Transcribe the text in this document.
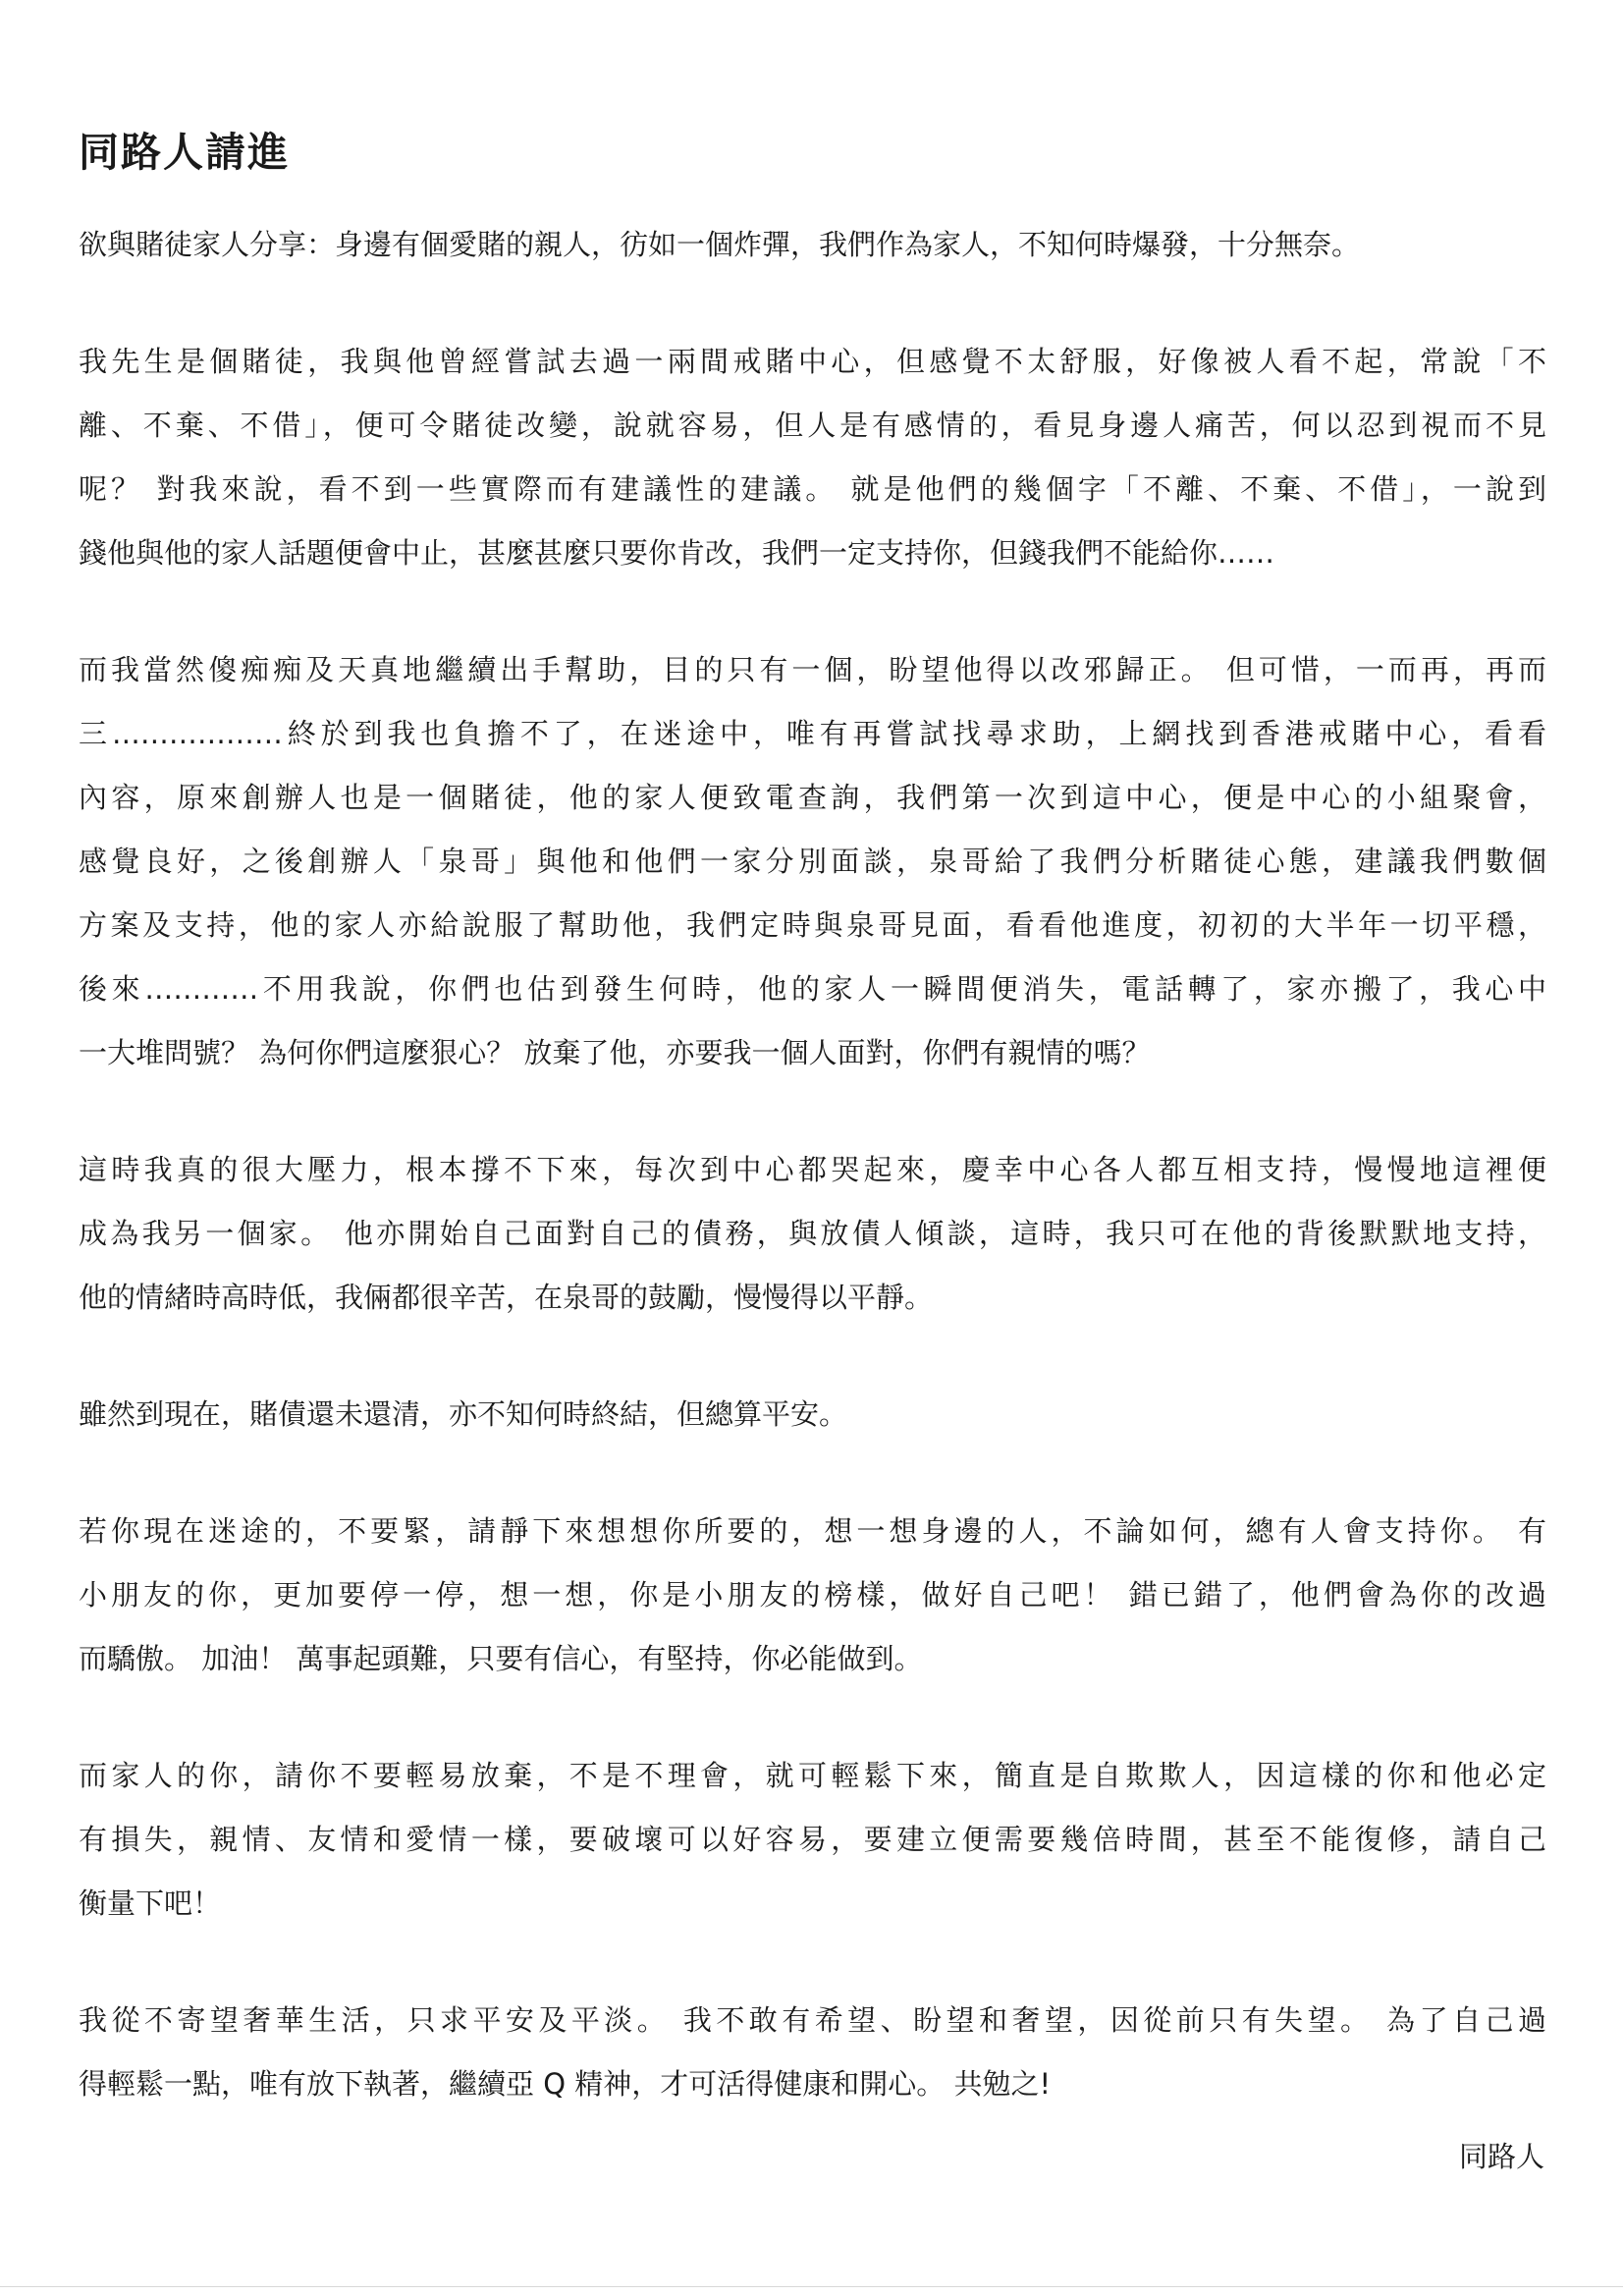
同路人請進
欲與賭徒家人分享：身邊有個愛賭的親人，彷如一個炸彈，我們作為家人，不知何時爆發，十分無奈。
我先生是個賭徒，我與他曾經嘗試去過一兩間戒賭中心，但感覺不太舒服，好像被人看不起，常說「不
離、不棄、不借」，便可令賭徒改變，說就容易，但人是有感情的，看見身邊人痛苦，何以忍到視而不見
呢？ 對我來說，看不到一些實際而有建議性的建議。 就是他們的幾個字「不離、不棄、不借」，一說到
錢他與他的家人話題便會中止，甚麼甚麼只要你肯改，我們一定支持你，但錢我們不能給你……
而我當然傻痴痴及天真地繼續出手幫助，目的只有一個，盼望他得以改邪歸正。 但可惜，一而再，再而
三………………終於到我也負擔不了，在迷途中，唯有再嘗試找尋求助，上網找到香港戒賭中心，看看
內容，原來創辦人也是一個賭徒，他的家人便致電查詢，我們第一次到這中心，便是中心的小組聚會，
感覺良好，之後創辦人「泉哥」與他和他們一家分別面談，泉哥給了我們分析賭徒心態，建議我們數個
方案及支持，他的家人亦給說服了幫助他，我們定時與泉哥見面，看看他進度，初初的大半年一切平穩，
後來…………不用我說，你們也估到發生何時，他的家人一瞬間便消失，電話轉了，家亦搬了，我心中
一大堆問號？ 為何你們這麼狠心？ 放棄了他，亦要我一個人面對，你們有親情的嗎？
這時我真的很大壓力，根本撐不下來，每次到中心都哭起來，慶幸中心各人都互相支持，慢慢地這裡便
成為我另一個家。 他亦開始自己面對自己的債務，與放債人傾談，這時，我只可在他的背後默默地支持，
他的情緒時高時低，我倆都很辛苦，在泉哥的鼓勵，慢慢得以平靜。
雖然到現在，賭債還未還清，亦不知何時終結，但總算平安。
若你現在迷途的，不要緊，請靜下來想想你所要的，想一想身邊的人，不論如何，總有人會支持你。 有
小朋友的你，更加要停一停，想一想，你是小朋友的榜樣，做好自己吧！ 錯已錯了，他們會為你的改過
而驕傲。 加油！ 萬事起頭難，只要有信心，有堅持，你必能做到。
而家人的你，請你不要輕易放棄，不是不理會，就可輕鬆下來，簡直是自欺欺人，因這樣的你和他必定
有損失，親情、友情和愛情一樣，要破壞可以好容易，要建立便需要幾倍時間，甚至不能復修，請自己
衡量下吧！
我從不寄望奢華生活，只求平安及平淡。 我不敢有希望、盼望和奢望，因從前只有失望。 為了自己過
得輕鬆一點，唯有放下執著，繼續亞 Q 精神，才可活得健康和開心。 共勉之!
同路人
